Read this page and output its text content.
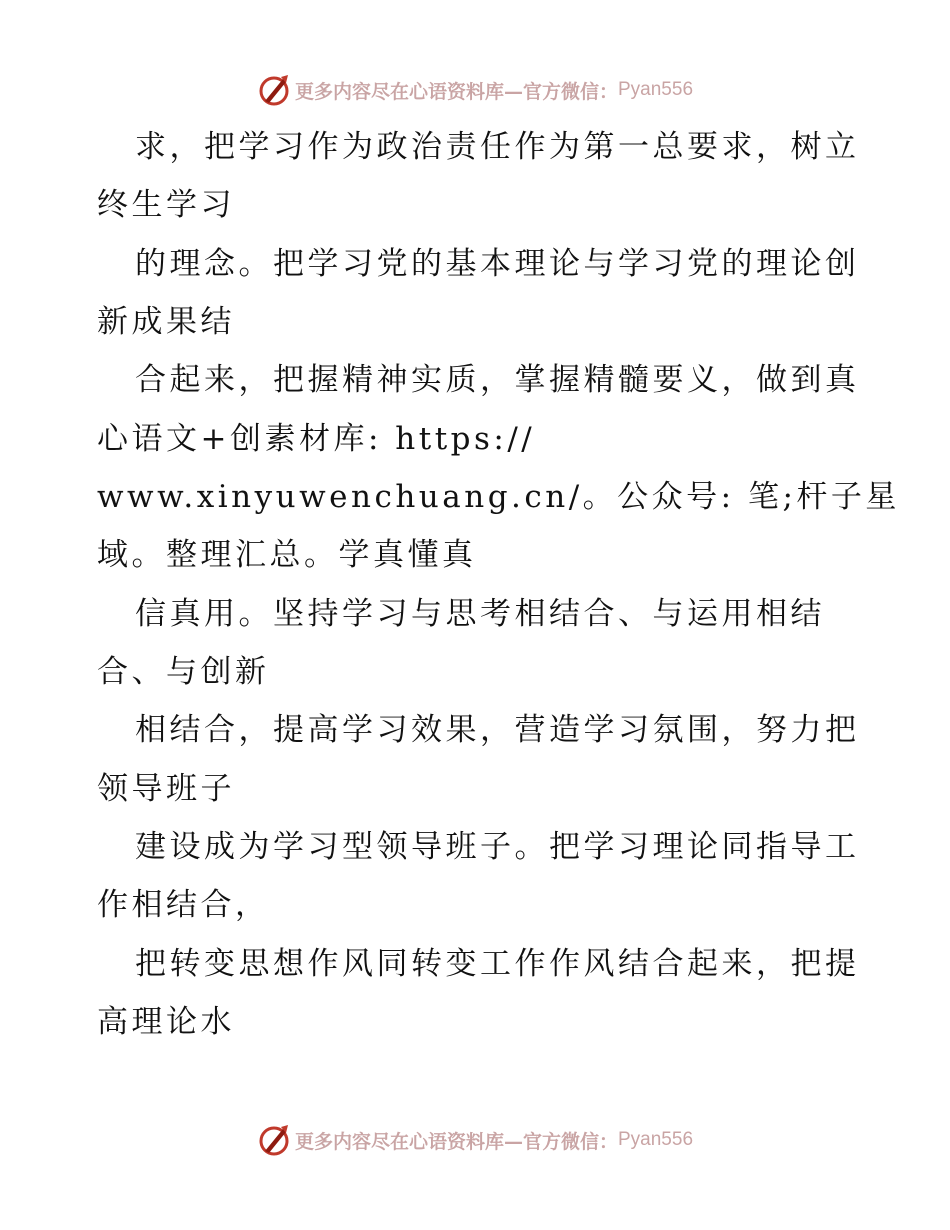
更多内容尽在心语资料库—官方微信： Pyan556
求，把学习作为政治责任作为第一总要求，树立
终生学习
的理念。把学习党的基本理论与学习党的理论创
新成果结
合起来，把握精神实质，掌握精髓要义，做到真
心语文+创素材库: https://
www.xinyuwenchuang.cn/。公众号: 笔;杆子星
域。整理汇总。学真懂真
信真用。坚持学习与思考相结合、与运用相结
合、与创新
相结合，提高学习效果，营造学习氛围，努力把
领导班子
建设成为学习型领导班子。把学习理论同指导工
作相结合，
把转变思想作风同转变工作作风结合起来，把提
高理论水
更多内容尽在心语资料库—官方微信： Pyan556
